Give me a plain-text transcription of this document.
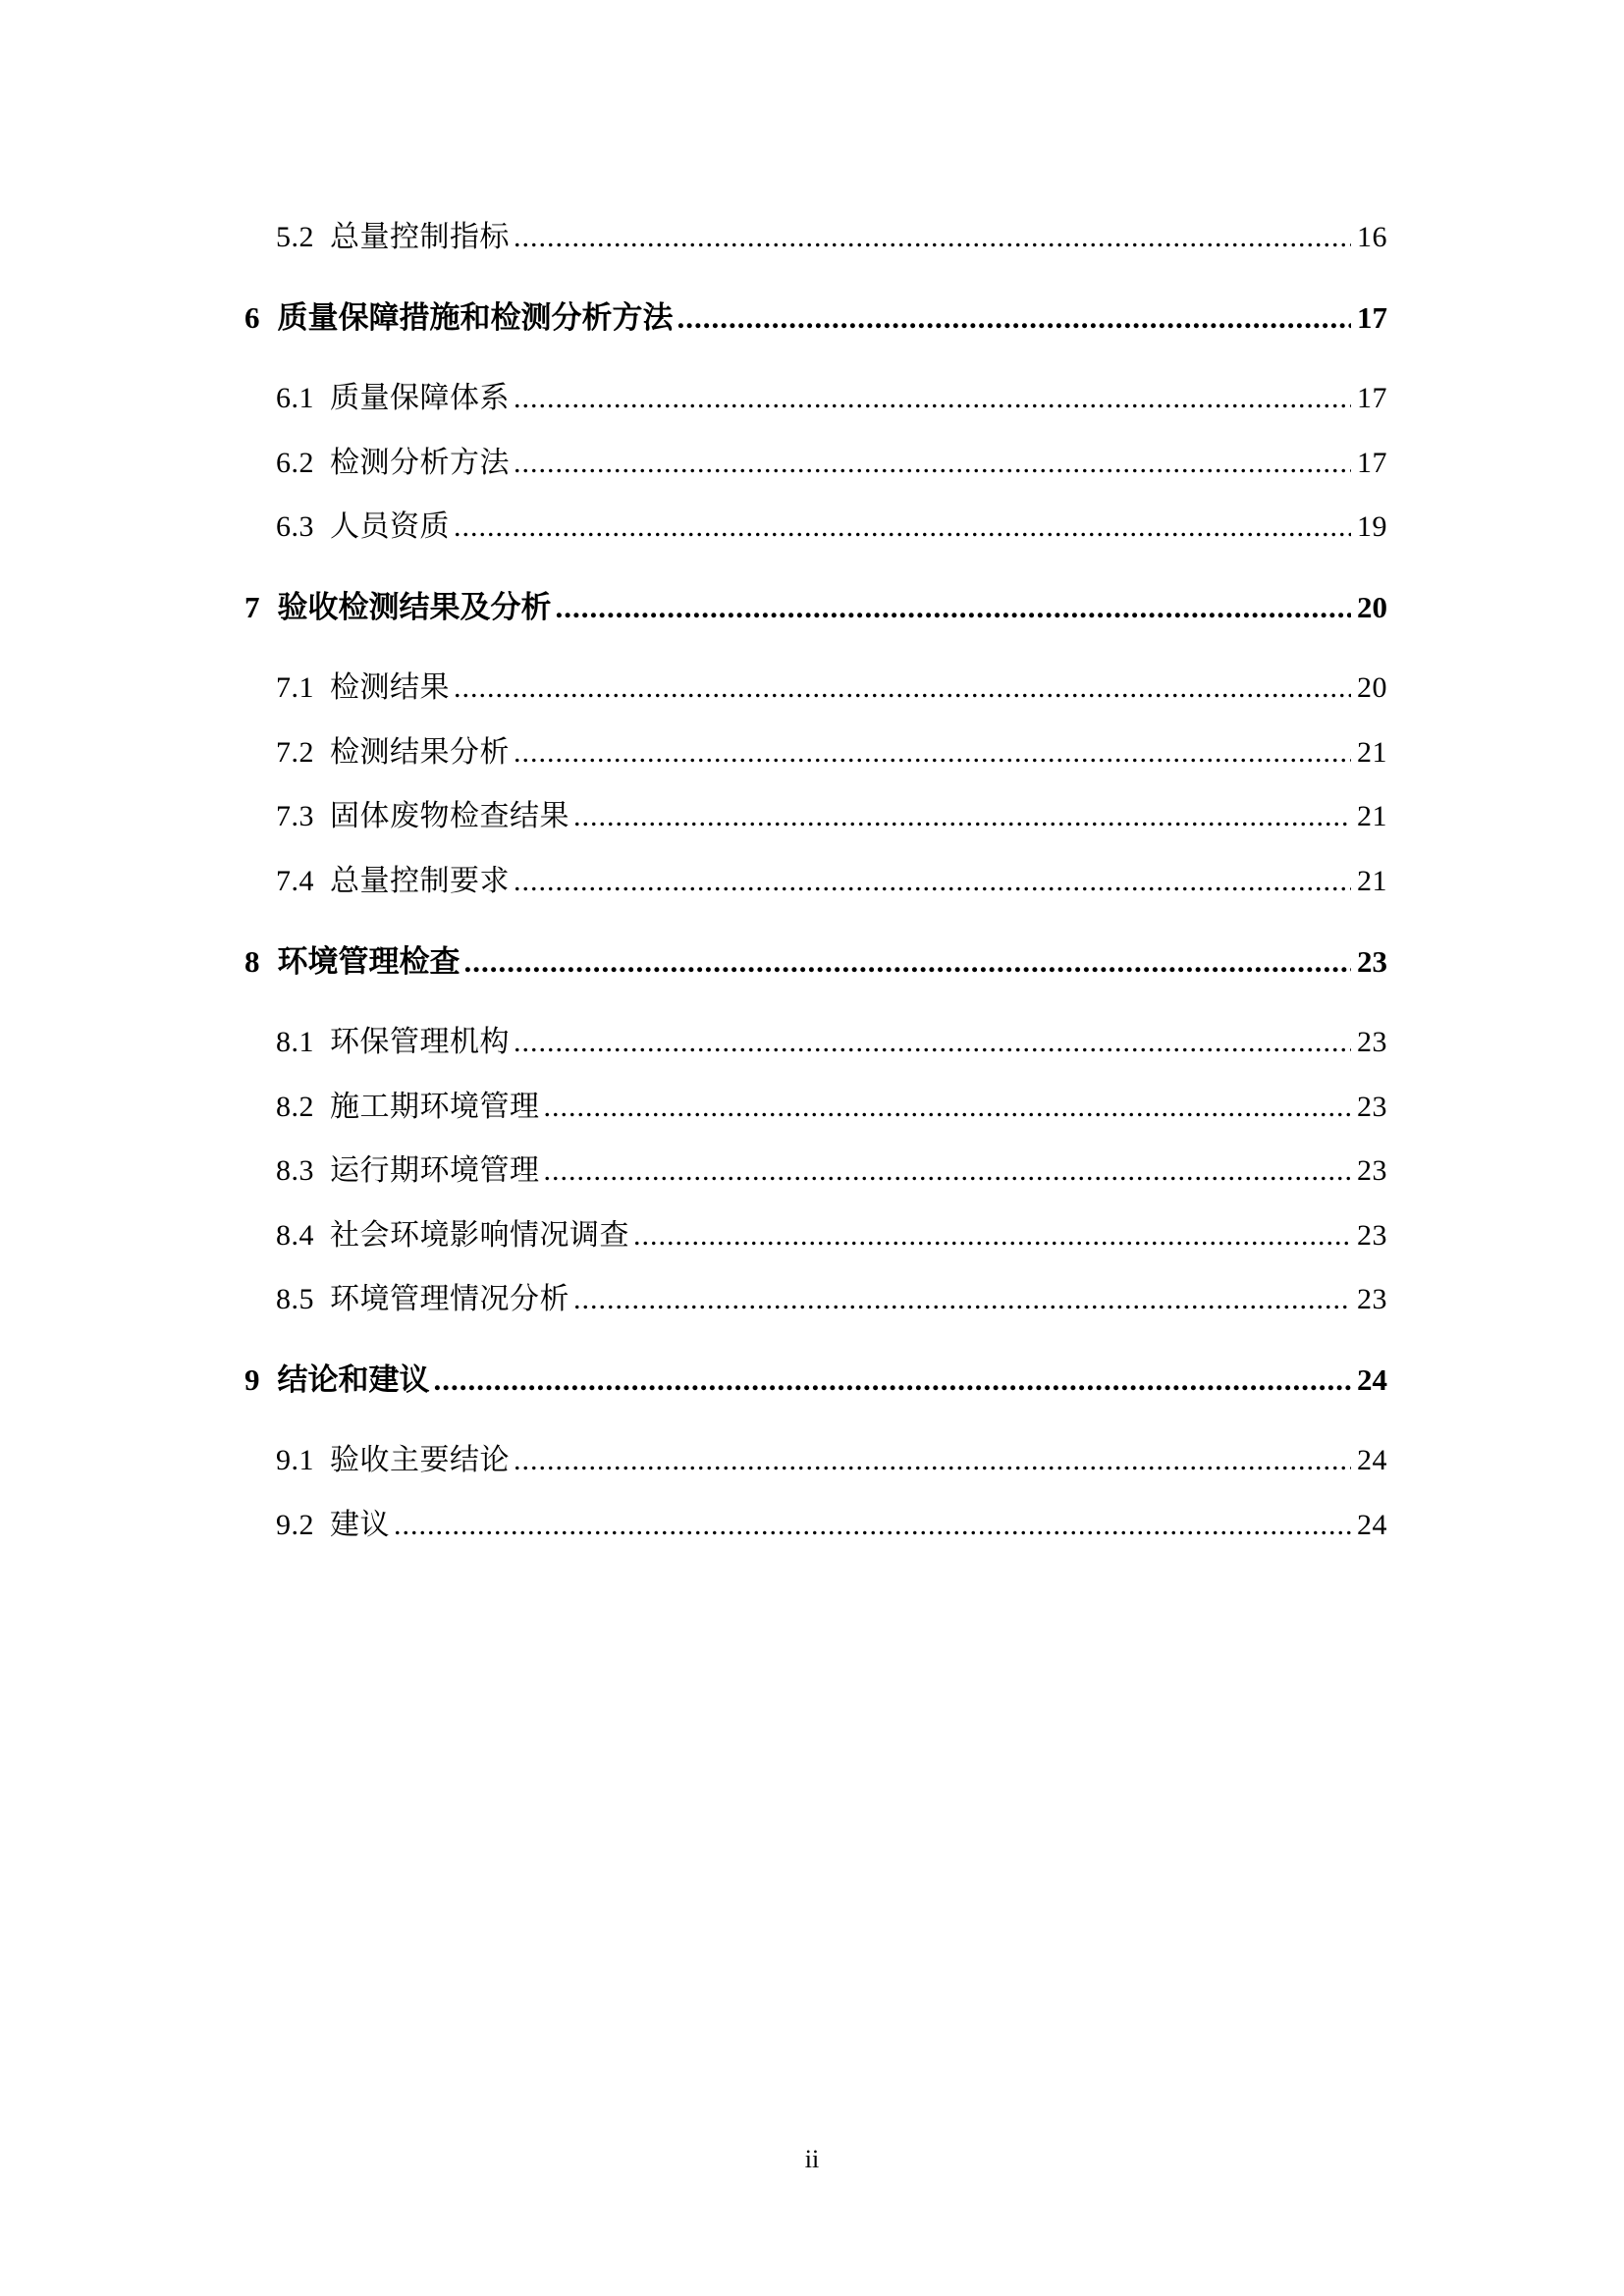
5.2 总量控制指标 .....	16
6 质量保障措施和检测分析方法 .....	17
6.1 质量保障体系 .....	17
6.2 检测分析方法 .....	17
6.3 人员资质 .....	19
7 验收检测结果及分析 .....	20
7.1 检测结果 .....	20
7.2 检测结果分析 .....	21
7.3 固体废物检查结果 .....	21
7.4 总量控制要求 .....	21
8 环境管理检查 .....	23
8.1 环保管理机构 .....	23
8.2 施工期环境管理 .....	23
8.3 运行期环境管理 .....	23
8.4 社会环境影响情况调查 .....	23
8.5 环境管理情况分析 .....	23
9 结论和建议 .....	24
9.1 验收主要结论 .....	24
9.2 建议 .....	24
ii
